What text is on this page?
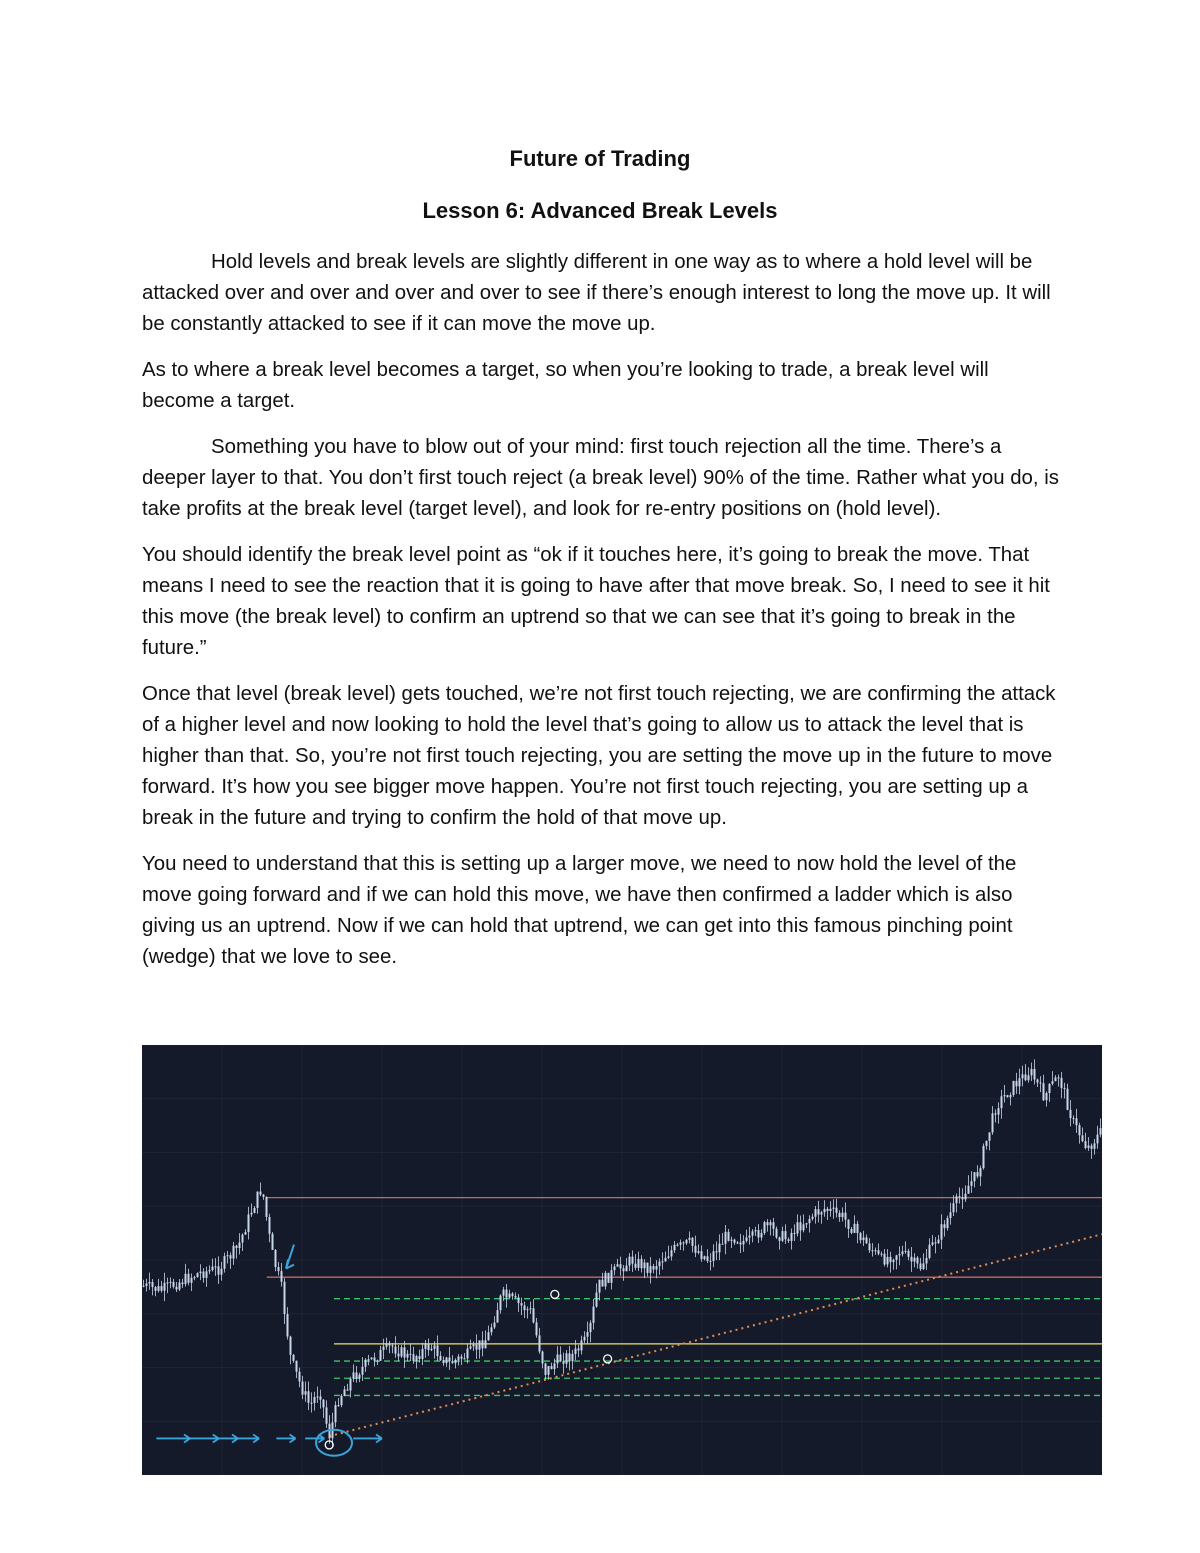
Future of Trading
Lesson 6: Advanced Break Levels

Hold levels and break levels are slightly different in one way as to where a hold level will be attacked over and over and over and over to see if there’s enough interest to long the move up. It will be constantly attacked to see if it can move the move up.

As to where a break level becomes a target, so when you’re looking to trade, a break level will become a target.

Something you have to blow out of your mind: first touch rejection all the time. There’s a deeper layer to that. You don’t first touch reject (a break level) 90% of the time. Rather what you do, is take profits at the break level (target level), and look for re-entry positions on (hold level).

You should identify the break level point as “ok if it touches here, it’s going to break the move. That means I need to see the reaction that it is going to have after that move break. So, I need to see it hit this move (the break level) to confirm an uptrend so that we can see that it’s going to break in the future.”

Once that level (break level) gets touched, we’re not first touch rejecting, we are confirming the attack of a higher level and now looking to hold the level that’s going to allow us to attack the level that is higher than that. So, you’re not first touch rejecting, you are setting the move up in the future to move forward. It’s how you see bigger move happen. You’re not first touch rejecting, you are setting up a break in the future and trying to confirm the hold of that move up.

You need to understand that this is setting up a larger move, we need to now hold the level of the move going forward and if we can hold this move, we have then confirmed a ladder which is also giving us an uptrend. Now if we can hold that uptrend, we can get into this famous pinching point (wedge) that we love to see.
